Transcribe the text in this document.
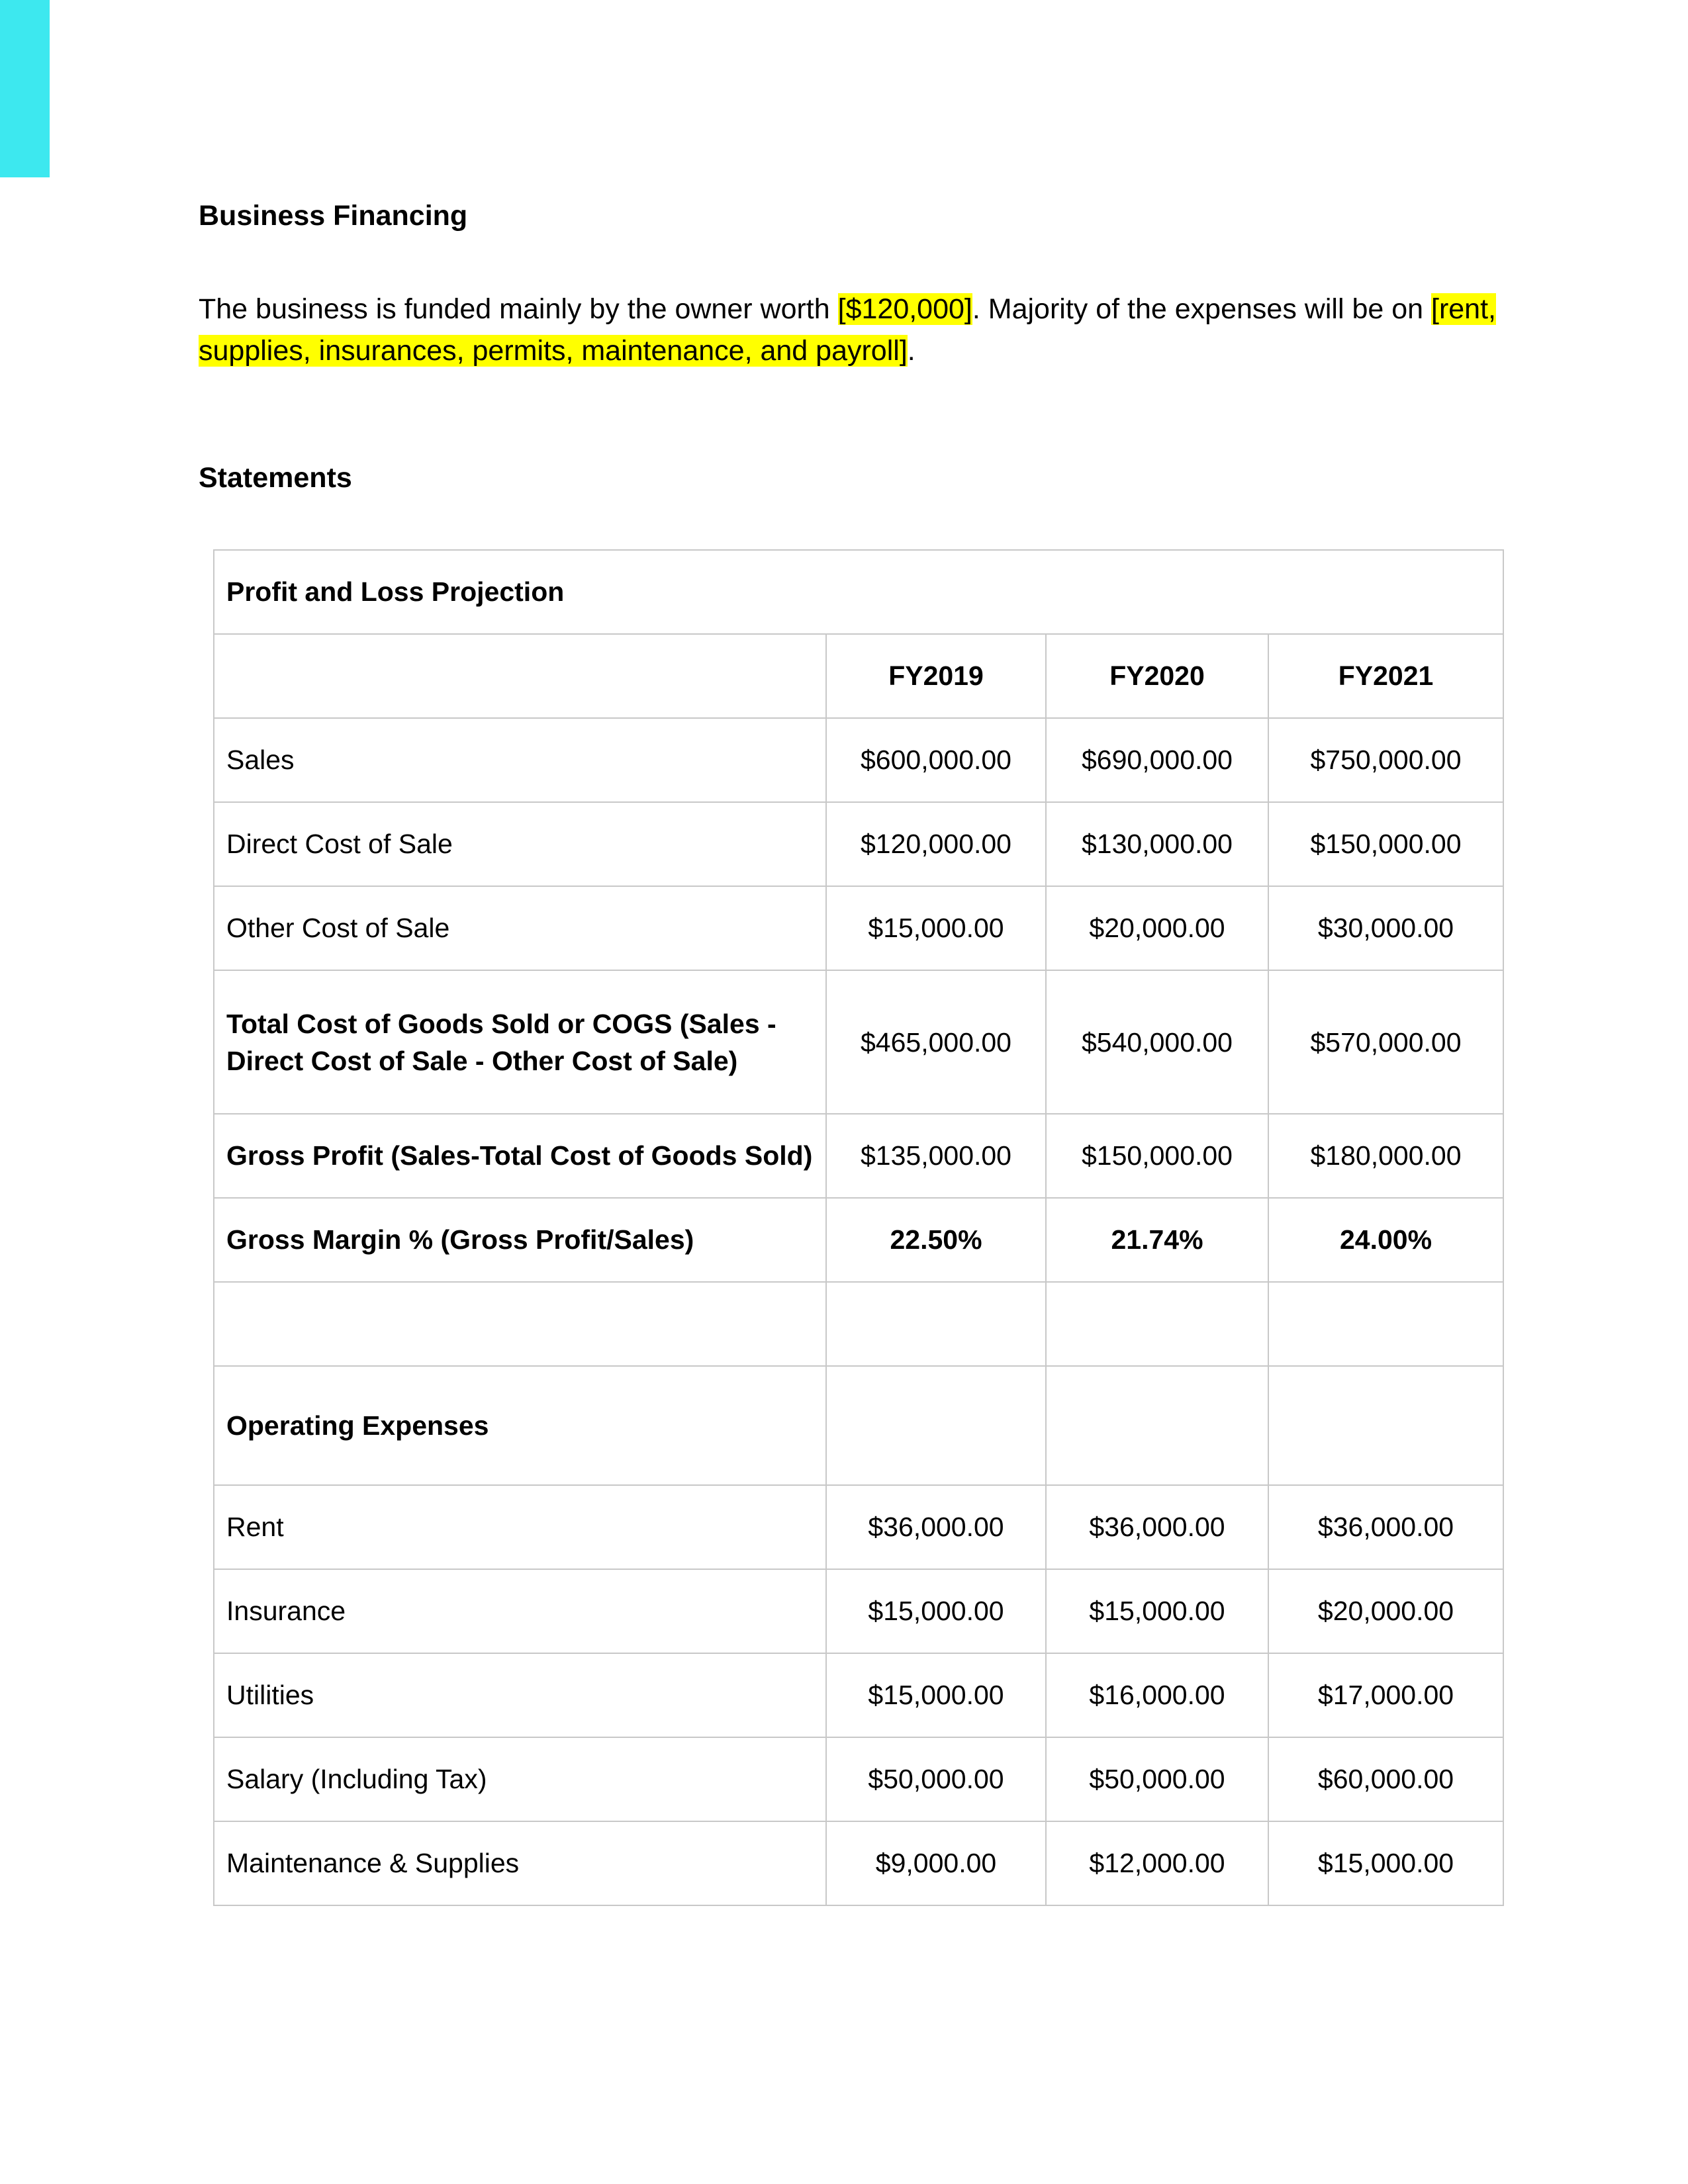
Business Financing

The business is funded mainly by the owner worth [$120,000]. Majority of the expenses will be on [rent, supplies, insurances, permits, maintenance, and payroll].

Statements
Profit and Loss Projection			
	FY2019	FY2020	FY2021
Sales	$600,000.00	$690,000.00	$750,000.00
Direct Cost of Sale	$120,000.00	$130,000.00	$150,000.00
Other Cost of Sale	$15,000.00	$20,000.00	$30,000.00
Total Cost of Goods Sold or COGS (Sales - Direct Cost of Sale - Other Cost of Sale)	$465,000.00	$540,000.00	$570,000.00
Gross Profit (Sales-Total Cost of Goods Sold)	$135,000.00	$150,000.00	$180,000.00
Gross Margin % (Gross Profit/Sales)	22.50%	21.74%	24.00%

Operating Expenses			
Rent	$36,000.00	$36,000.00	$36,000.00
Insurance	$15,000.00	$15,000.00	$20,000.00
Utilities	$15,000.00	$16,000.00	$17,000.00
Salary (Including Tax)	$50,000.00	$50,000.00	$60,000.00
Maintenance & Supplies	$9,000.00	$12,000.00	$15,000.00
